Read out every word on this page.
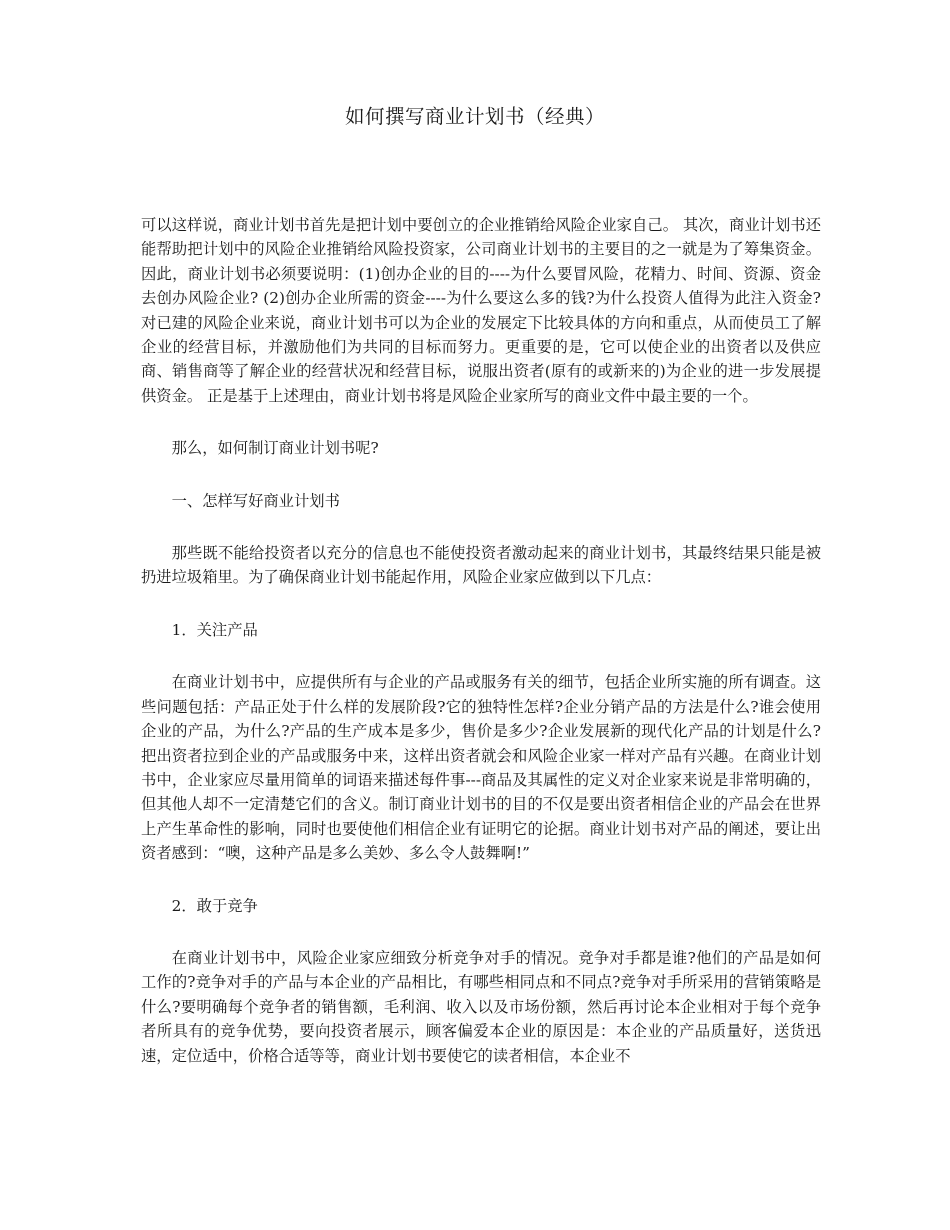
如何撰写商业计划书（经典）

可以这样说，商业计划书首先是把计划中要创立的企业推销给风险企业家自己。 其次，商业计划书还能帮助把计划中的风险企业推销给风险投资家，公司商业计划书的主要目的之一就是为了筹集资金。因此，商业计划书必须要说明：(1)创办企业的目的----为什么要冒风险，花精力、时间、资源、资金去创办风险企业? (2)创办企业所需的资金----为什么要这么多的钱?为什么投资人值得为此注入资金? 对已建的风险企业来说，商业计划书可以为企业的发展定下比较具体的方向和重点，从而使员工了解企业的经营目标，并激励他们为共同的目标而努力。更重要的是，它可以使企业的出资者以及供应商、销售商等了解企业的经营状况和经营目标，说服出资者(原有的或新来的)为企业的进一步发展提供资金。 正是基于上述理由，商业计划书将是风险企业家所写的商业文件中最主要的一个。

那么，如何制订商业计划书呢?

一、怎样写好商业计划书

那些既不能给投资者以充分的信息也不能使投资者激动起来的商业计划书，其最终结果只能是被扔进垃圾箱里。为了确保商业计划书能起作用，风险企业家应做到以下几点：

1．关注产品

在商业计划书中，应提供所有与企业的产品或服务有关的细节，包括企业所实施的所有调查。这些问题包括：产品正处于什么样的发展阶段?它的独特性怎样?企业分销产品的方法是什么?谁会使用企业的产品，为什么?产品的生产成本是多少，售价是多少?企业发展新的现代化产品的计划是什么?把出资者拉到企业的产品或服务中来，这样出资者就会和风险企业家一样对产品有兴趣。在商业计划书中，企业家应尽量用简单的词语来描述每件事---商品及其属性的定义对企业家来说是非常明确的，但其他人却不一定清楚它们的含义。制订商业计划书的目的不仅是要出资者相信企业的产品会在世界上产生革命性的影响，同时也要使他们相信企业有证明它的论据。商业计划书对产品的阐述，要让出资者感到：“噢，这种产品是多么美妙、多么令人鼓舞啊!”

2．敢于竞争

在商业计划书中，风险企业家应细致分析竞争对手的情况。竞争对手都是谁?他们的产品是如何工作的?竞争对手的产品与本企业的产品相比，有哪些相同点和不同点?竞争对手所采用的营销策略是什么?要明确每个竞争者的销售额，毛利润、收入以及市场份额，然后再讨论本企业相对于每个竞争者所具有的竞争优势，要向投资者展示，顾客偏爱本企业的原因是：本企业的产品质量好，送货迅速，定位适中，价格合适等等，商业计划书要使它的读者相信，本企业不
